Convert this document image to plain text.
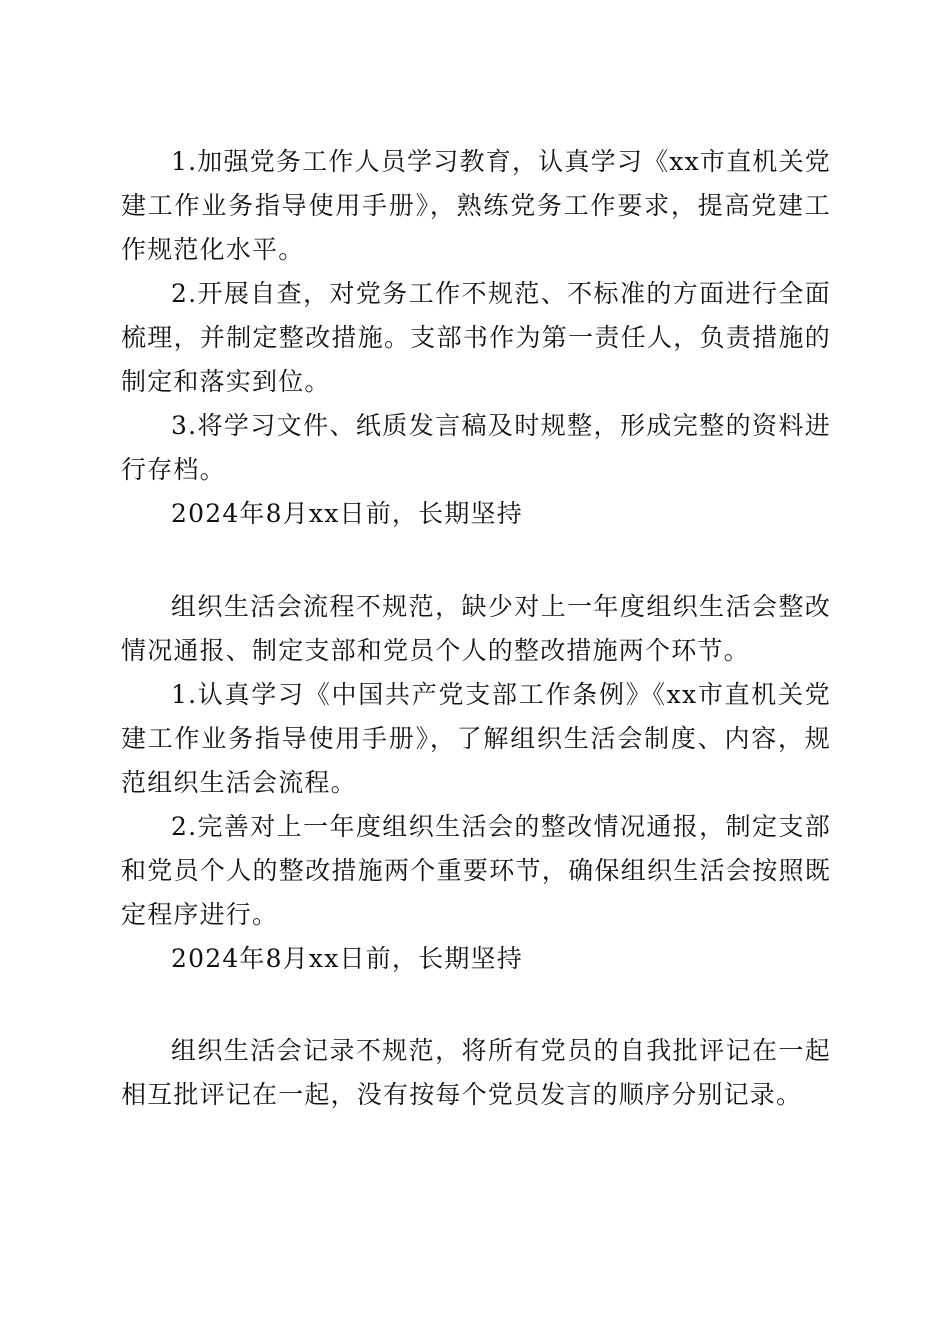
1.加强党务工作人员学习教育，认真学习《xx市直机关党建工作业务指导使用手册》，熟练党务工作要求，提高党建工作规范化水平。

2.开展自查，对党务工作不规范、不标准的方面进行全面梳理，并制定整改措施。支部书作为第一责任人，负责措施的制定和落实到位。

3.将学习文件、纸质发言稿及时规整，形成完整的资料进行存档。

2024年8月xx日前，长期坚持

组织生活会流程不规范，缺少对上一年度组织生活会整改情况通报、制定支部和党员个人的整改措施两个环节。

1.认真学习《中国共产党支部工作条例》《xx市直机关党建工作业务指导使用手册》，了解组织生活会制度、内容，规范组织生活会流程。

2.完善对上一年度组织生活会的整改情况通报，制定支部和党员个人的整改措施两个重要环节，确保组织生活会按照既定程序进行。

2024年8月xx日前，长期坚持

组织生活会记录不规范，将所有党员的自我批评记在一起相互批评记在一起，没有按每个党员发言的顺序分别记录。
